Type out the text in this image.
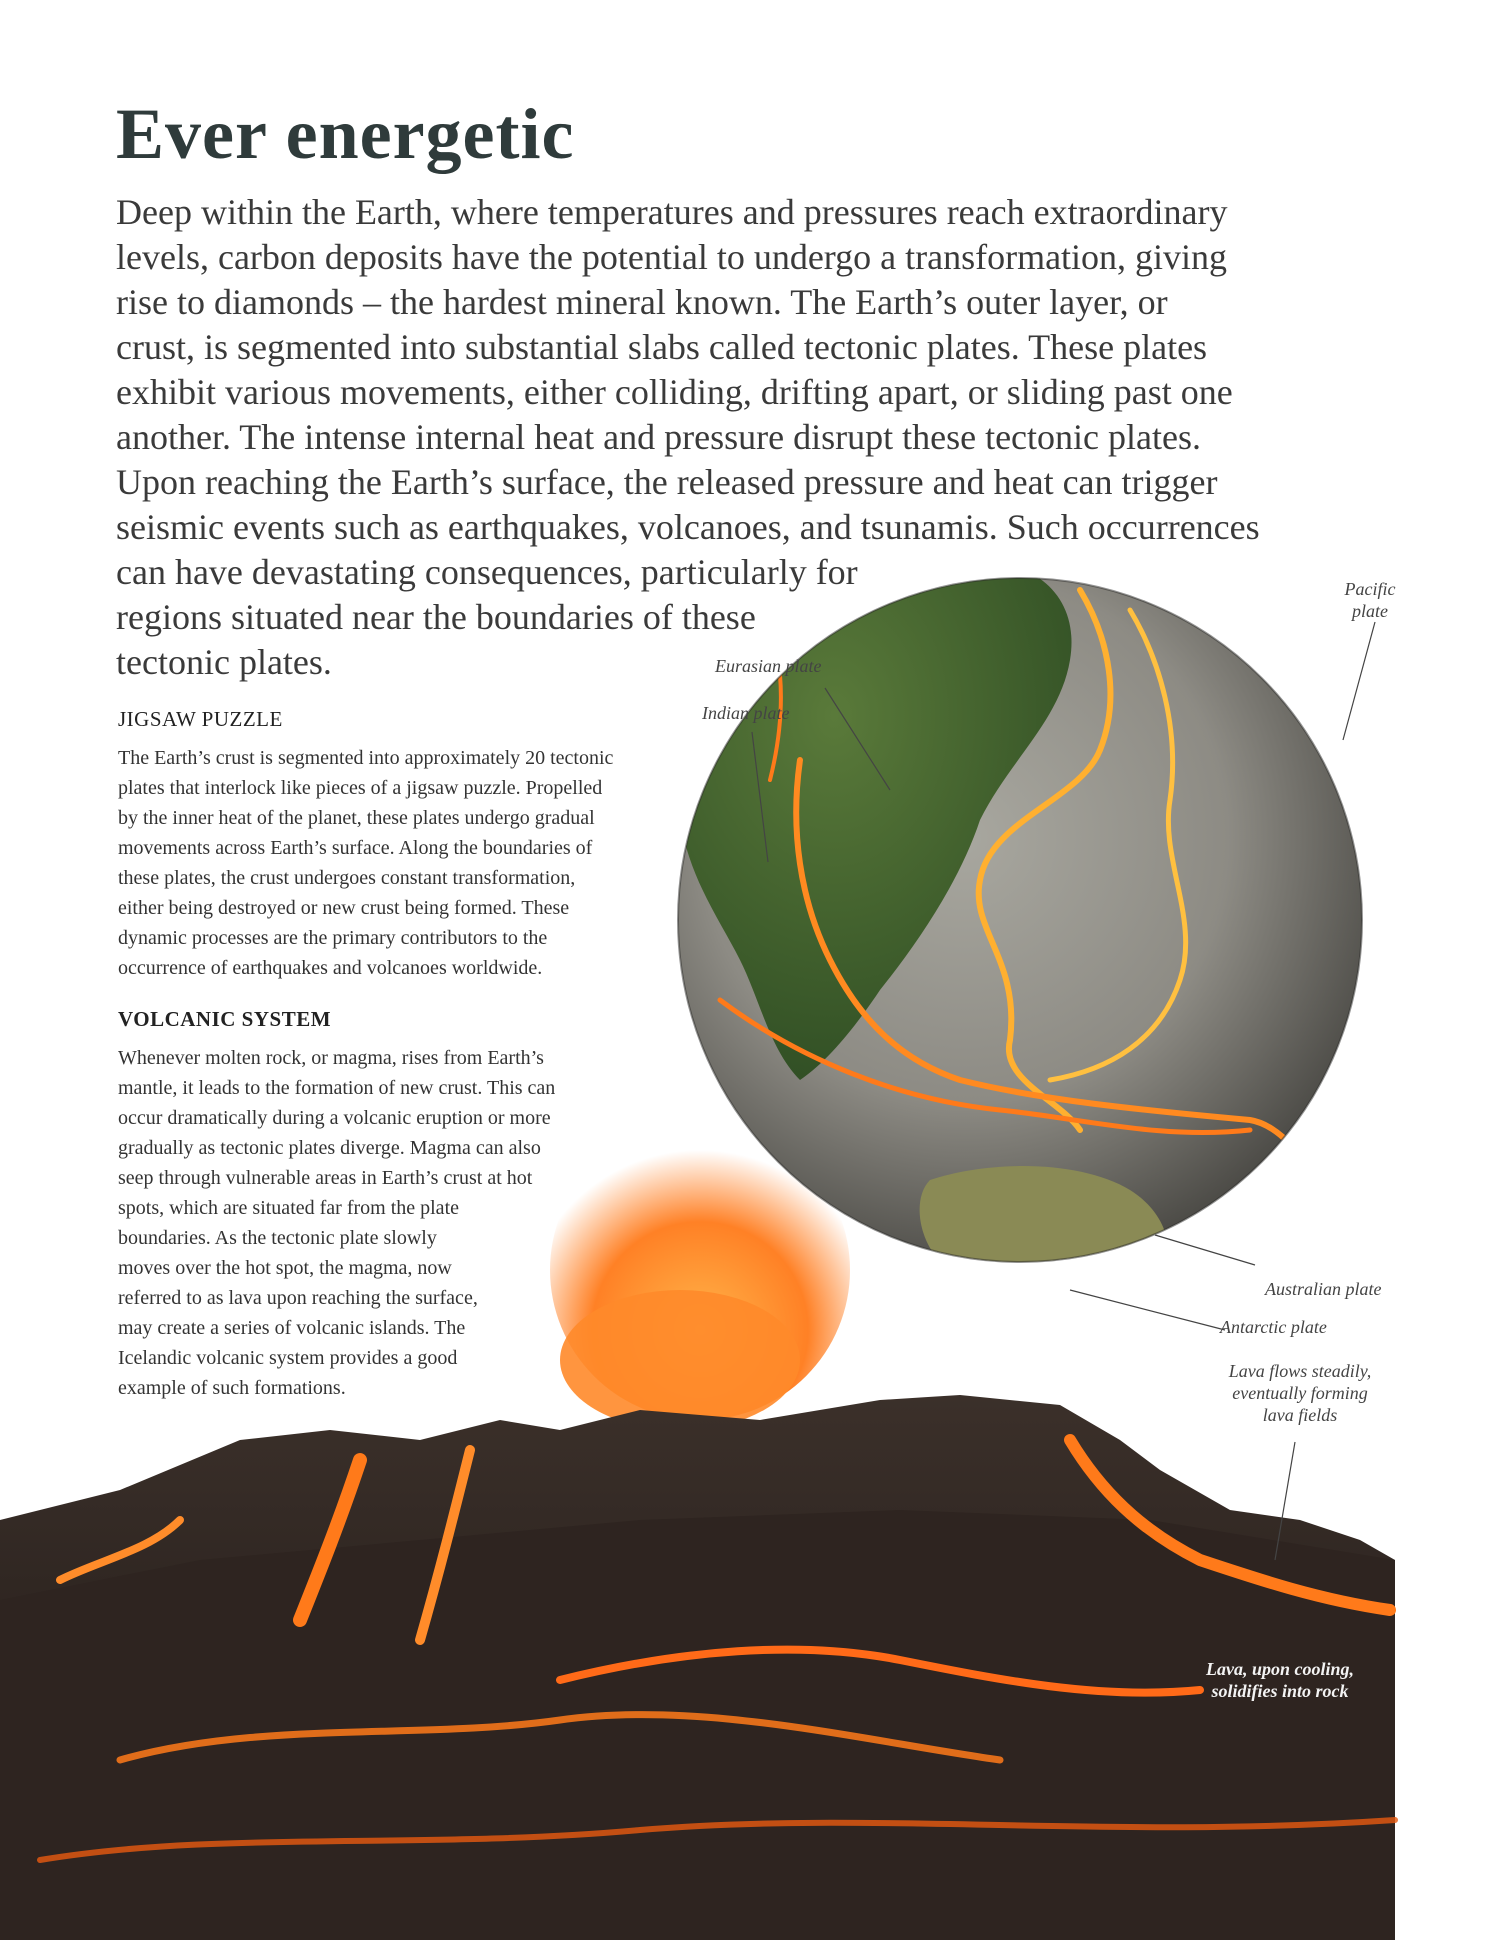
Ever energetic

Deep within the Earth, where temperatures and pressures reach extraordinary
levels, carbon deposits have the potential to undergo a transformation, giving
rise to diamonds – the hardest mineral known. The Earth’s outer layer, or
crust, is segmented into substantial slabs called tectonic plates. These plates
exhibit various movements, either colliding, drifting apart, or sliding past one
another. The intense internal heat and pressure disrupt these tectonic plates.
Upon reaching the Earth’s surface, the released pressure and heat can trigger
seismic events such as earthquakes, volcanoes, and tsunamis. Such occurrences
can have devastating consequences, particularly for
regions situated near the boundaries of these
tectonic plates.

JIGSAW PUZZLE

The Earth’s crust is segmented into approximately 20 tectonic
plates that interlock like pieces of a jigsaw puzzle. Propelled
by the inner heat of the planet, these plates undergo gradual
movements across Earth’s surface. Along the boundaries of
these plates, the crust undergoes constant transformation,
either being destroyed or new crust being formed. These
dynamic processes are the primary contributors to the
occurrence of earthquakes and volcanoes worldwide.

VOLCANIC SYSTEM

Whenever molten rock, or magma, rises from Earth’s
mantle, it leads to the formation of new crust. This can
occur dramatically during a volcanic eruption or more
gradually as tectonic plates diverge. Magma can also
seep through vulnerable areas in Earth’s crust at hot
spots, which are situated far from the plate
boundaries. As the tectonic plate slowly
moves over the hot spot, the magma, now
referred to as lava upon reaching the surface,
may create a series of volcanic islands. The
Icelandic volcanic system provides a good
example of such formations.

Eurasian plate
Indian plate
Pacific
plate
Australian plate
Antarctic plate
Lava flows steadily,
eventually forming
lava fields
Lava, upon cooling,
solidifies into rock
